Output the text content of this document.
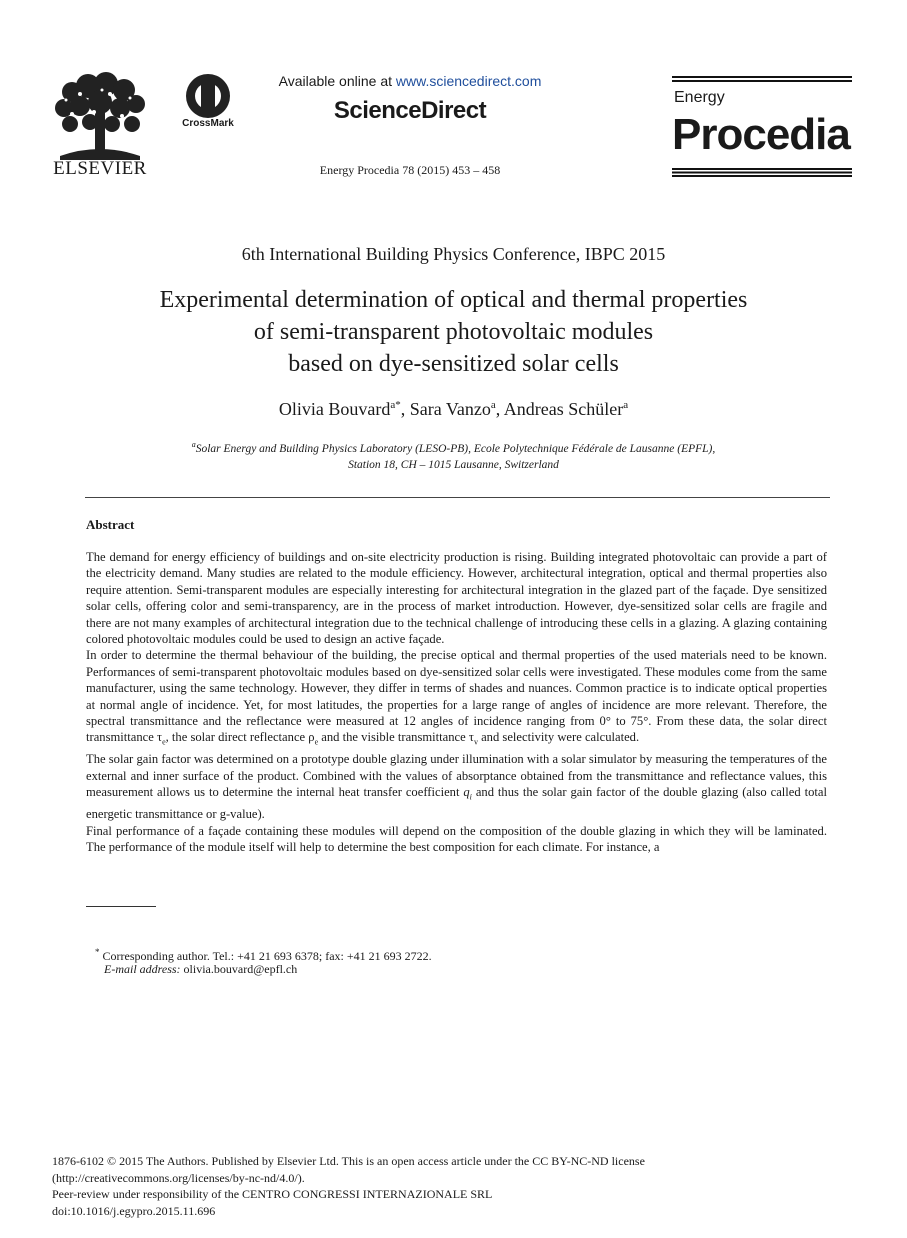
ELSEVIER
CrossMark
Available online at www.sciencedirect.com
ScienceDirect
Energy Procedia 78 (2015) 453 – 458
Energy
Procedia
6th International Building Physics Conference, IBPC 2015
Experimental determination of optical and thermal properties
of semi-transparent photovoltaic modules
based on dye-sensitized solar cells
Olivia Bouvard$^{a*}$, Sara Vanzo$^a$, Andreas Schüler$^a$
$^a$Solar Energy and Building Physics Laboratory (LESO-PB), Ecole Polytechnique Fédérale de Lausanne (EPFL),
Station 18, CH – 1015 Lausanne, Switzerland
Abstract

The demand for energy efficiency of buildings and on-site electricity production is rising. Building integrated photovoltaic can provide a part of the electricity demand. Many studies are related to the module efficiency. However, architectural integration, optical and thermal properties also require attention. Semi-transparent modules are especially interesting for architectural integration in the glazed part of the façade. Dye sensitized solar cells, offering color and semi-transparency, are in the process of market introduction. However, dye-sensitized solar cells are fragile and there are not many examples of architectural integration due to the technical challenge of introducing these cells in a glazing. A glazing containing colored photovoltaic modules could be used to design an active façade.

In order to determine the thermal behaviour of the building, the precise optical and thermal properties of the used materials need to be known. Performances of semi-transparent photovoltaic modules based on dye-sensitized solar cells were investigated. These modules come from the same manufacturer, using the same technology. However, they differ in terms of shades and nuances. Common practice is to indicate optical properties at normal angle of incidence. Yet, for most latitudes, the properties for a large range of angles of incidence are more relevant. Therefore, the spectral transmittance and the reflectance were measured at 12 angles of incidence ranging from 0° to 75°. From these data, the solar direct transmittance $\tau_e$, the solar direct reflectance $\rho_e$ and the visible transmittance $\tau_v$ and selectivity were calculated.

The solar gain factor was determined on a prototype double glazing under illumination with a solar simulator by measuring the temperatures of the external and inner surface of the product. Combined with the values of absorptance obtained from the transmittance and reflectance values, this measurement allows us to determine the internal heat transfer coefficient $q_i$ and thus the solar gain factor of the double glazing (also called total energetic transmittance or g-value).

Final performance of a façade containing these modules will depend on the composition of the double glazing in which they will be laminated. The performance of the module itself will help to determine the best composition for each climate. For instance, a

* Corresponding author. Tel.: +41 21 693 6378; fax: +41 21 693 2722.
E-mail address: olivia.bouvard@epfl.ch
1876-6102 © 2015 The Authors. Published by Elsevier Ltd. This is an open access article under the CC BY-NC-ND license
(http://creativecommons.org/licenses/by-nc-nd/4.0/).
Peer-review under responsibility of the CENTRO CONGRESSI INTERNAZIONALE SRL
doi:10.1016/j.egypro.2015.11.696
